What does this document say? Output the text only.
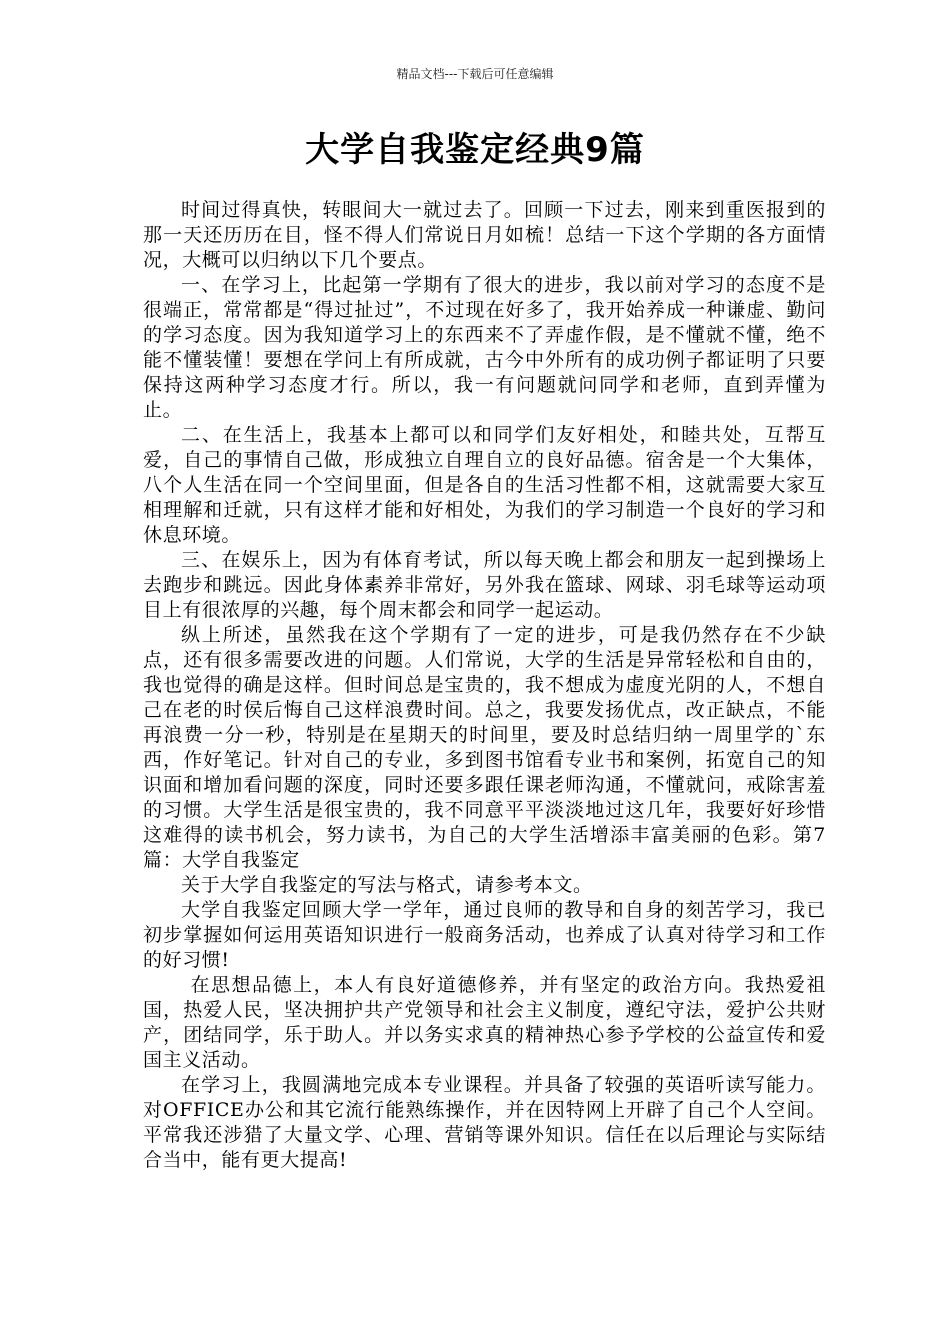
精品文档---下载后可任意编辑
大学自我鉴定经典9篇

时间过得真快，转眼间大一就过去了。回顾一下过去，刚来到重医报到的那一天还历历在目，怪不得人们常说日月如梳！总结一下这个学期的各方面情况，大概可以归纳以下几个要点。

一、在学习上，比起第一学期有了很大的进步，我以前对学习的态度不是很端正，常常都是“得过扯过”，不过现在好多了，我开始养成一种谦虚、勤问的学习态度。因为我知道学习上的东西来不了弄虚作假，是不懂就不懂，绝不能不懂装懂！要想在学问上有所成就，古今中外所有的成功例子都证明了只要保持这两种学习态度才行。所以，我一有问题就问同学和老师，直到弄懂为止。

二、在生活上，我基本上都可以和同学们友好相处，和睦共处，互帮互爱，自己的事情自己做，形成独立自理自立的良好品德。宿舍是一个大集体，八个人生活在同一个空间里面，但是各自的生活习性都不相，这就需要大家互相理解和迁就，只有这样才能和好相处，为我们的学习制造一个良好的学习和休息环境。

三、在娱乐上，因为有体育考试，所以每天晚上都会和朋友一起到操场上去跑步和跳远。因此身体素养非常好，另外我在篮球、网球、羽毛球等运动项目上有很浓厚的兴趣，每个周末都会和同学一起运动。

纵上所述，虽然我在这个学期有了一定的进步，可是我仍然存在不少缺点，还有很多需要改进的问题。人们常说，大学的生活是异常轻松和自由的，我也觉得的确是这样。但时间总是宝贵的，我不想成为虚度光阴的人，不想自己在老的时侯后悔自己这样浪费时间。总之，我要发扬优点，改正缺点，不能再浪费一分一秒，特别是在星期天的时间里，要及时总结归纳一周里学的`东西，作好笔记。针对自己的专业，多到图书馆看专业书和案例，拓宽自己的知识面和增加看问题的深度，同时还要多跟任课老师沟通，不懂就问，戒除害羞的习惯。大学生活是很宝贵的，我不同意平平淡淡地过这几年，我要好好珍惜这难得的读书机会，努力读书，为自己的大学生活增添丰富美丽的色彩。第7篇：大学自我鉴定

关于大学自我鉴定的写法与格式，请参考本文。

大学自我鉴定回顾大学一学年，通过良师的教导和自身的刻苦学习，我已初步掌握如何运用英语知识进行一般商务活动，也养成了认真对待学习和工作的好习惯!

在思想品德上，本人有良好道德修养，并有坚定的政治方向。我热爱祖国，热爱人民，坚决拥护共产党领导和社会主义制度，遵纪守法，爱护公共财产，团结同学，乐于助人。并以务实求真的精神热心参予学校的公益宣传和爱国主义活动。

在学习上，我圆满地完成本专业课程。并具备了较强的英语听读写能力。对OFFICE办公和其它流行能熟练操作，并在因特网上开辟了自己个人空间。平常我还涉猎了大量文学、心理、营销等课外知识。信任在以后理论与实际结合当中，能有更大提高!
